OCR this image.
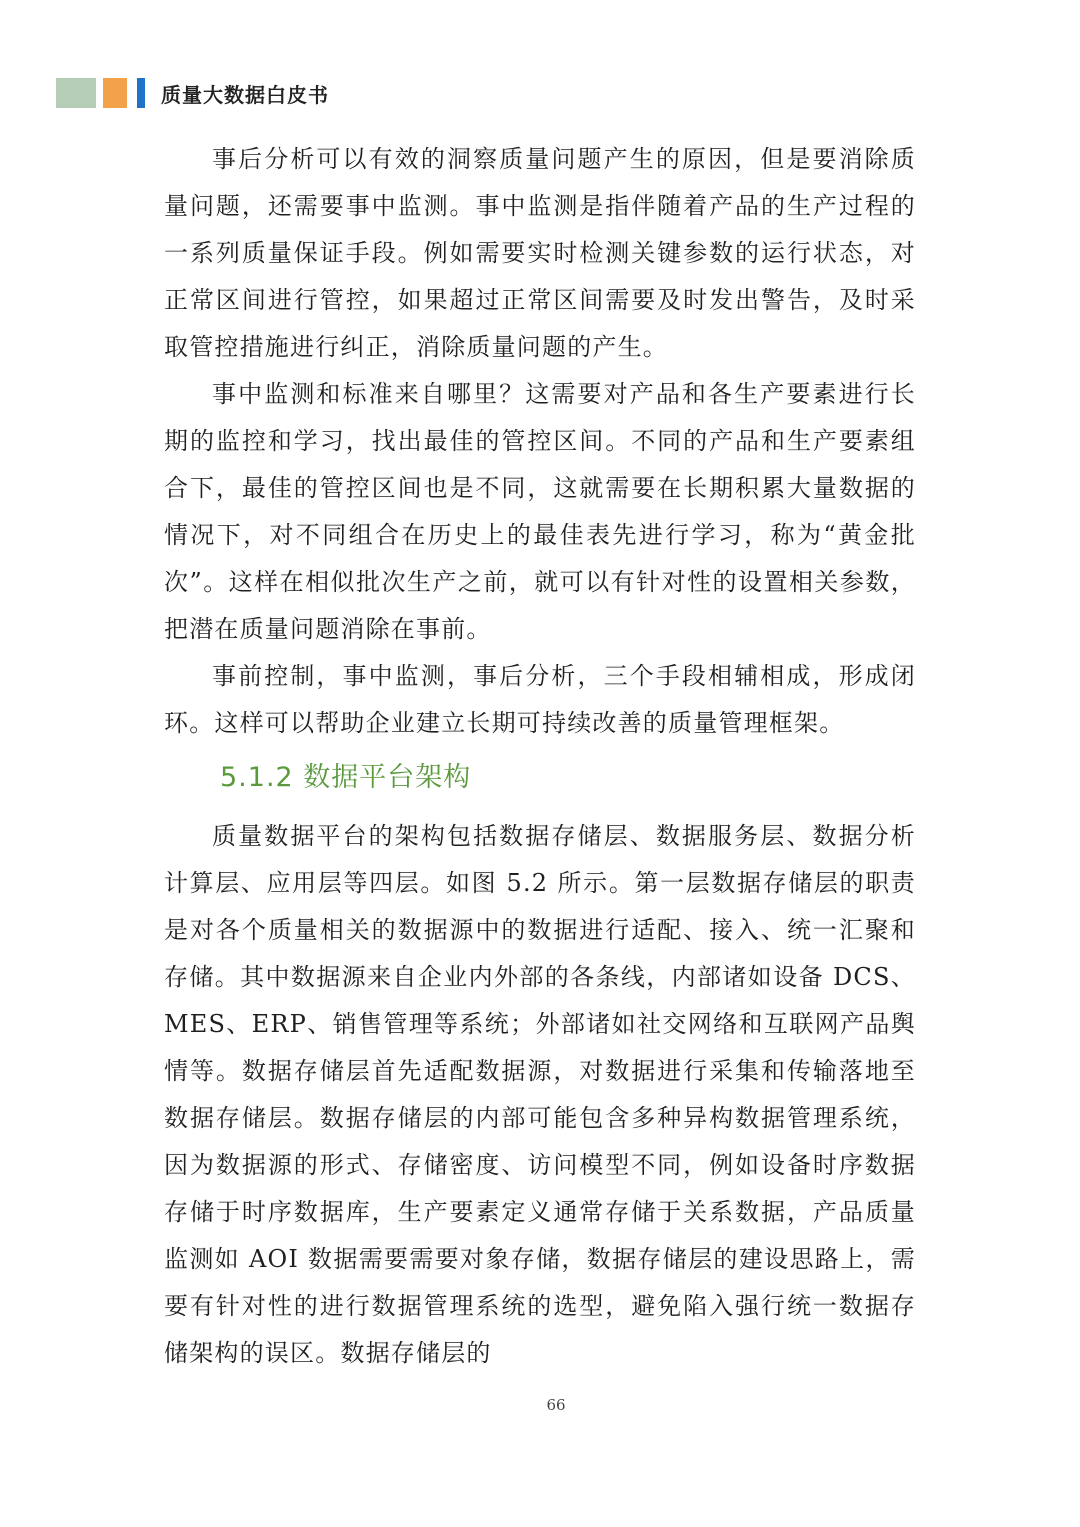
质量大数据白皮书

事后分析可以有效的洞察质量问题产生的原因，但是要消除质量问题，还需要事中监测。事中监测是指伴随着产品的生产过程的一系列质量保证手段。例如需要实时检测关键参数的运行状态，对正常区间进行管控，如果超过正常区间需要及时发出警告，及时采取管控措施进行纠正，消除质量问题的产生。

事中监测和标准来自哪里？这需要对产品和各生产要素进行长期的监控和学习，找出最佳的管控区间。不同的产品和生产要素组合下，最佳的管控区间也是不同，这就需要在长期积累大量数据的情况下，对不同组合在历史上的最佳表先进行学习，称为“黄金批次”。这样在相似批次生产之前，就可以有针对性的设置相关参数，把潜在质量问题消除在事前。

事前控制，事中监测，事后分析，三个手段相辅相成，形成闭环。这样可以帮助企业建立长期可持续改善的质量管理框架。

5.1.2 数据平台架构

质量数据平台的架构包括数据存储层、数据服务层、数据分析计算层、应用层等四层。如图 5.2 所示。第一层数据存储层的职责是对各个质量相关的数据源中的数据进行适配、接入、统一汇聚和存储。其中数据源来自企业内外部的各条线，内部诸如设备 DCS、MES、ERP、销售管理等系统；外部诸如社交网络和互联网产品舆情等。数据存储层首先适配数据源，对数据进行采集和传输落地至数据存储层。数据存储层的内部可能包含多种异构数据管理系统，因为数据源的形式、存储密度、访问模型不同，例如设备时序数据存储于时序数据库，生产要素定义通常存储于关系数据，产品质量监测如 AOI 数据需要需要对象存储，数据存储层的建设思路上，需要有针对性的进行数据管理系统的选型，避免陷入强行统一数据存储架构的误区。数据存储层的

66
